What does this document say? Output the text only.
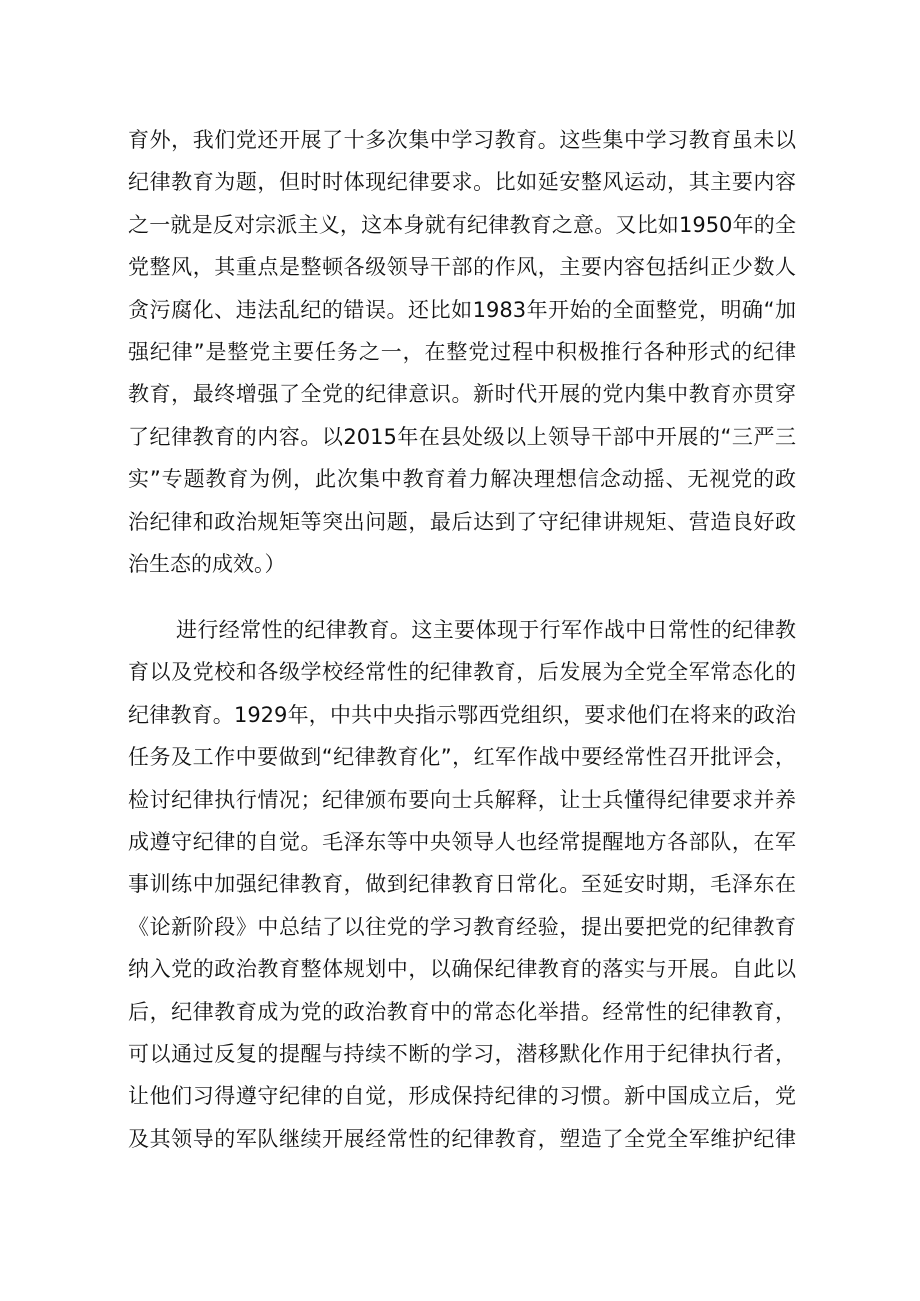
育外，我们党还开展了十多次集中学习教育。这些集中学习教育虽未以
纪律教育为题，但时时体现纪律要求。比如延安整风运动，其主要内容
之一就是反对宗派主义，这本身就有纪律教育之意。又比如1950年的全
党整风，其重点是整顿各级领导干部的作风，主要内容包括纠正少数人
贪污腐化、违法乱纪的错误。还比如1983年开始的全面整党，明确“加
强纪律”是整党主要任务之一，在整党过程中积极推行各种形式的纪律
教育，最终增强了全党的纪律意识。新时代开展的党内集中教育亦贯穿
了纪律教育的内容。以2015年在县处级以上领导干部中开展的“三严三
实”专题教育为例，此次集中教育着力解决理想信念动摇、无视党的政
治纪律和政治规矩等突出问题，最后达到了守纪律讲规矩、营造良好政
治生态的成效。）
进行经常性的纪律教育。这主要体现于行军作战中日常性的纪律教
育以及党校和各级学校经常性的纪律教育，后发展为全党全军常态化的
纪律教育。1929年，中共中央指示鄂西党组织，要求他们在将来的政治
任务及工作中要做到“纪律教育化”，红军作战中要经常性召开批评会，
检讨纪律执行情况；纪律颁布要向士兵解释，让士兵懂得纪律要求并养
成遵守纪律的自觉。毛泽东等中央领导人也经常提醒地方各部队，在军
事训练中加强纪律教育，做到纪律教育日常化。至延安时期，毛泽东在
《论新阶段》中总结了以往党的学习教育经验，提出要把党的纪律教育
纳入党的政治教育整体规划中，以确保纪律教育的落实与开展。自此以
后，纪律教育成为党的政治教育中的常态化举措。经常性的纪律教育，
可以通过反复的提醒与持续不断的学习，潜移默化作用于纪律执行者，
让他们习得遵守纪律的自觉，形成保持纪律的习惯。新中国成立后，党
及其领导的军队继续开展经常性的纪律教育，塑造了全党全军维护纪律
